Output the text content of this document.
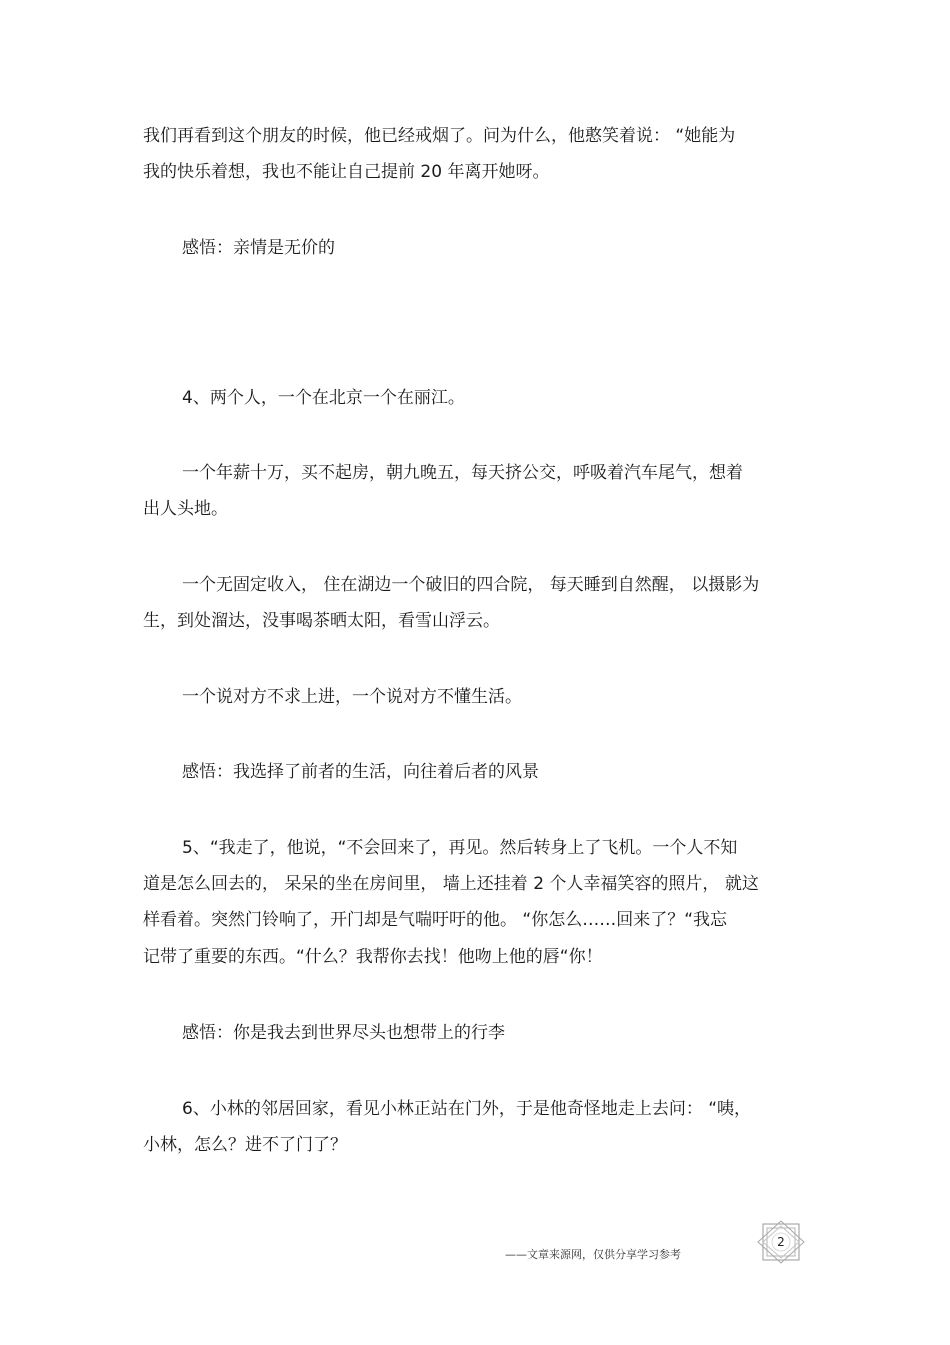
我们再看到这个朋友的时候，他已经戒烟了。问为什么，他憨笑着说： “她能为

我的快乐着想，我也不能让自己提前 20 年离开她呀。

感悟：亲情是无价的

4、两个人，一个在北京一个在丽江。

一个年薪十万，买不起房，朝九晚五，每天挤公交，呼吸着汽车尾气，想着

出人头地。

一个无固定收入， 住在湖边一个破旧的四合院， 每天睡到自然醒， 以摄影为

生，到处溜达，没事喝茶晒太阳，看雪山浮云。

一个说对方不求上进，一个说对方不懂生活。

感悟：我选择了前者的生活，向往着后者的风景

5、“我走了，他说，“不会回来了，再见。然后转身上了飞机。一个人不知

道是怎么回去的， 呆呆的坐在房间里， 墙上还挂着 2 个人幸福笑容的照片， 就这

样看着。突然门铃响了，开门却是气喘吁吁的他。 “你怎么……回来了？“我忘

记带了重要的东西。“什么？我帮你去找！他吻上他的唇“你！

感悟：你是我去到世界尽头也想带上的行李

6、小林的邻居回家，看见小林正站在门外，于是他奇怪地走上去问： “咦，

小林，怎么？进不了门了？

——文章来源网，仅供分享学习参考
2
